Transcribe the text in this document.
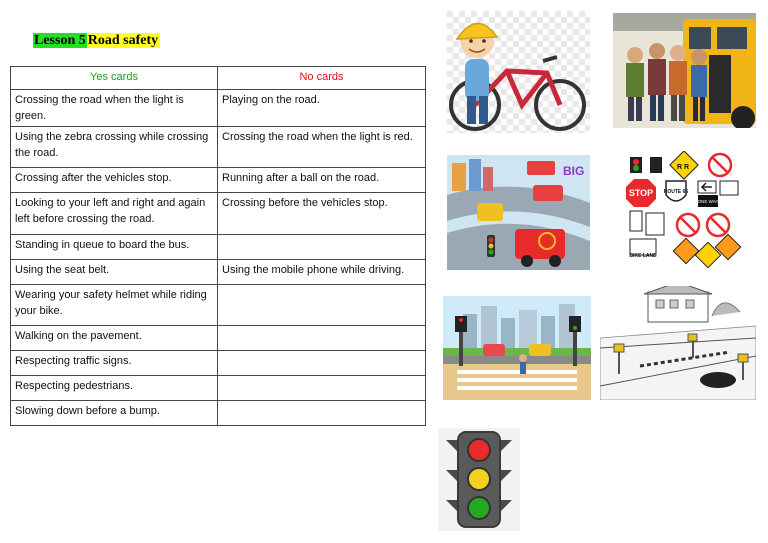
Lesson 5 Road safety
Yes cards	No cards
Crossing the road when the light is green.	Playing on the road.
Using the zebra crossing while crossing the road.	Crossing the road when the light is red.
Crossing after the vehicles stop.	Running after a ball on the road.
Looking to your left and right and again left before crossing the road.	Crossing before the vehicles stop.
Standing in queue to board the bus.	
Using the seat belt.	Using the mobile phone while driving.
Wearing your safety helmet while riding your bike.	
Walking on the pavement.	
Respecting traffic signs.	
Respecting pedestrians.	
Slowing down before a bump.	
BIG	R R
STOP ROUTE 66
ONE WAY
BIKE LANE
